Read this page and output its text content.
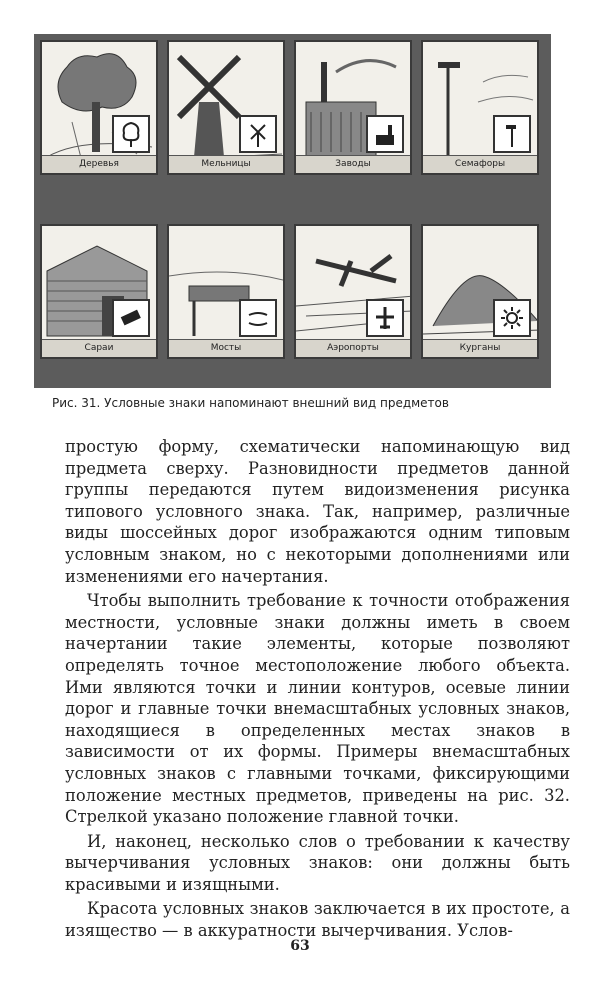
Деревья	Мельницы	Заводы	Семафоры
Сараи	Мосты	Аэропорты	Курганы
Рис. 31. Условные знаки напоминают внешний вид предметов

простую форму, схематически напоминающую вид предмета сверху. Разновидности предметов данной группы передаются путем видоизменения рисунка типового условного знака. Так, например, различные виды шоссейных дорог изображаются одним типовым условным знаком, но с некоторыми дополнениями или изменениями его начертания.

Чтобы выполнить требование к точности отображения местности, условные знаки должны иметь в своем начертании такие элементы, которые позволяют определять точное местоположение любого объекта. Ими являются точки и линии контуров, осевые линии дорог и главные точки внемасштабных условных знаков, находящиеся в определенных местах знаков в зависимости от их формы. Примеры внемасштабных условных знаков с главными точками, фиксирующими положение местных предметов, приведены на рис. 32. Стрелкой указано положение главной точки.

И, наконец, несколько слов о требовании к качеству вычерчивания условных знаков: они должны быть красивыми и изящными.

Красота условных знаков заключается в их простоте, а изящество — в аккуратности вычерчивания. Услов-

63
